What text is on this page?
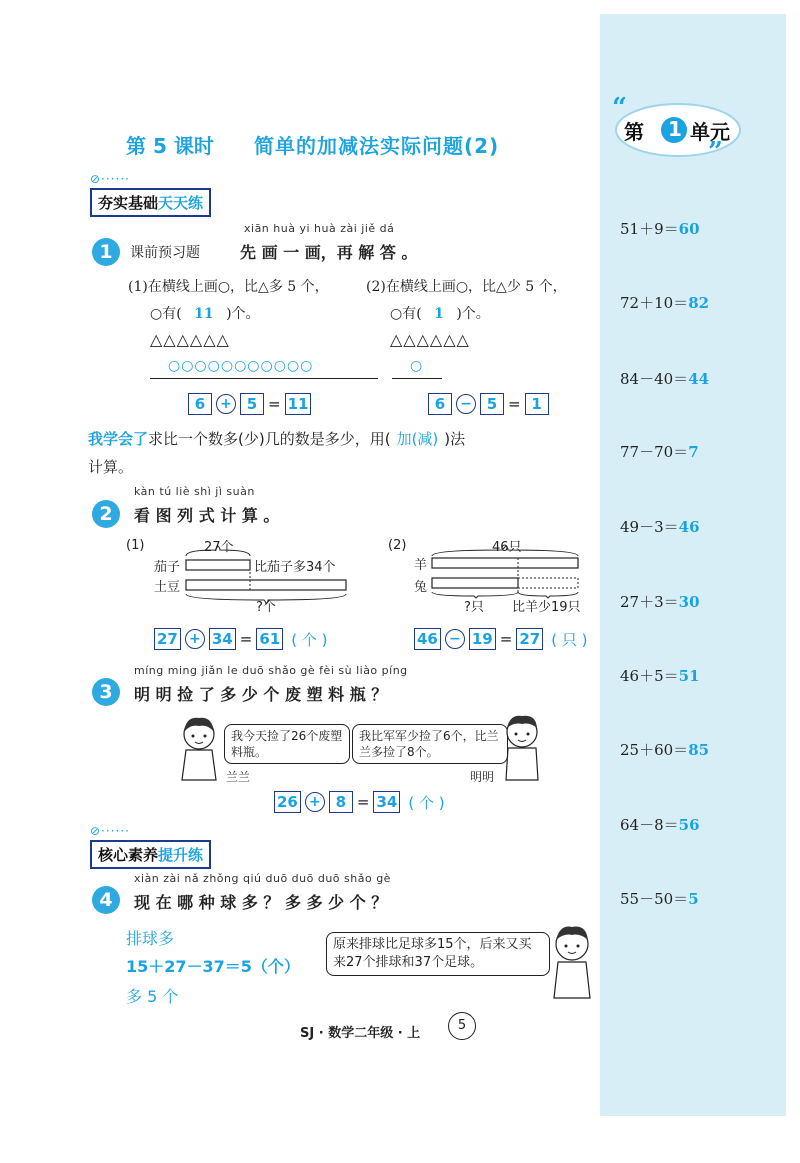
“
”
第 1 单元
51＋9＝60
72＋10＝82
84－40＝44
77－70＝7
49－3＝46
27＋3＝30
46＋5＝51
25＋60＝85
64－8＝56
55－50＝5
第 5 课时 简单的加减法实际问题(2)
⊘······
夯实基础天天练
1
xiān huà yi huà zài jiě dá
课前预习题	先 画 一 画，再 解 答 。
(1)在横线上画○，比△多 5 个，
○有( 11 )个。
△△△△△△
○○○○○○○○○○○
6	+ 5 = 11
(2)在横线上画○，比△少 5 个，
○有( 1 )个。
△△△△△△
○
6	− 5 = 1
我学会了求比一个数多(少)几的数是多少，用( 加(减) )法
计算。
2
kàn tú liè shì jì suàn
看 图 列 式 计 算 。
(1)	27个
茄子
土豆
比茄子多34个
?个
27 + 34 = 61 ( 个 )
(2)	46只
羊
兔
?只 比羊少19只
46 − 19 = 27 ( 只 )
3
míng ming jiǎn le duō shǎo gè fèi sù liào píng
明 明 捡 了 多 少 个 废 塑 料 瓶 ？
我今天捡了26个废塑料瓶。
兰兰
我比军军少捡了6个，比兰兰多捡了8个。
明明
26 + 8 = 34 ( 个 )
⊘······
核心素养提升练
4
xiàn zài nǎ zhǒng qiú duō duō duō shǎo gè
现 在 哪 种 球 多 ？ 多 多 少 个 ？
排球多
15＋27－37＝5（个）
多 5 个
原来排球比足球多15个，后来又买来27个排球和37个足球。
SJ · 数学二年级 · 上
5
